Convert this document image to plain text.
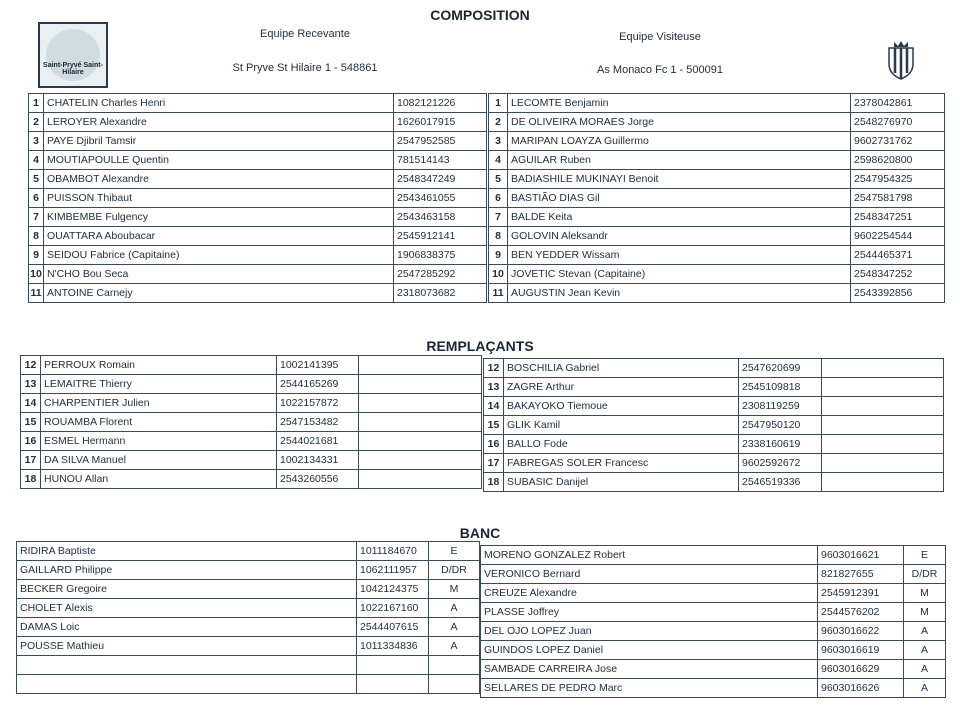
COMPOSITION
Saint-Pryvé Saint-Hilaire
Equipe Recevante
St Pryve St Hilaire 1 - 548861
Equipe Visiteuse
As Monaco Fc 1 - 500091
1	CHATELIN Charles Henri	1082121226
2	LEROYER Alexandre	1626017915
3	PAYE Djibril Tamsir	2547952585
4	MOUTIAPOULLE Quentin	781514143
5	OBAMBOT Alexandre	2548347249
6	PUISSON Thibaut	2543461055
7	KIMBEMBE Fulgency	2543463158
8	OUATTARA Aboubacar	2545912141
9	SEIDOU Fabrice (Capitaine)	1906838375
10	N'CHO Bou Seca	2547285292
11	ANTOINE Carnejy	2318073682
1	LECOMTE Benjamin	2378042861
2	DE OLIVEIRA MORAES Jorge	2548276970
3	MARIPAN LOAYZA Guillermo	9602731762
4	AGUILAR Ruben	2598620800
5	BADIASHILE MUKINAYI Benoit	2547954325
6	BASTIÃO DIAS Gil	2547581798
7	BALDE Keita	2548347251
8	GOLOVIN Aleksandr	9602254544
9	BEN YEDDER Wissam	2544465371
10	JOVETIC Stevan (Capitaine)	2548347252
11	AUGUSTIN Jean Kevin	2543392856
REMPLAÇANTS
12	PERROUX Romain	1002141395	
13	LEMAITRE Thierry	2544165269	
14	CHARPENTIER Julien	1022157872	
15	ROUAMBA Florent	2547153482	
16	ESMEL Hermann	2544021681	
17	DA SILVA Manuel	1002134331	
18	HUNOU Allan	2543260556	
12	BOSCHILIA Gabriel	2547620699	
13	ZAGRE Arthur	2545109818	
14	BAKAYOKO Tiemoue	2308119259	
15	GLIK Kamil	2547950120	
16	BALLO Fode	2338160619	
17	FABREGAS SOLER Francesc	9602592672	
18	SUBASIC Danijel	2546519336	
BANC
RIDIRA Baptiste	1011184670	E
GAILLARD Philippe	1062111957	D/DR
BECKER Gregoire	1042124375	M
CHOLET Alexis	1022167160	A
DAMAS Loic	2544407615	A
POUSSE Mathieu	1011334836	A

MORENO GONZALEZ Robert	9603016621	E
VERONICO Bernard	821827655	D/DR
CREUZE Alexandre	2545912391	M
PLASSE Joffrey	2544576202	M
DEL OJO LOPEZ Juan	9603016622	A
GUINDOS LOPEZ Daniel	9603016619	A
SAMBADE CARREIRA Jose	9603016629	A
SELLARES DE PEDRO Marc	9603016626	A
